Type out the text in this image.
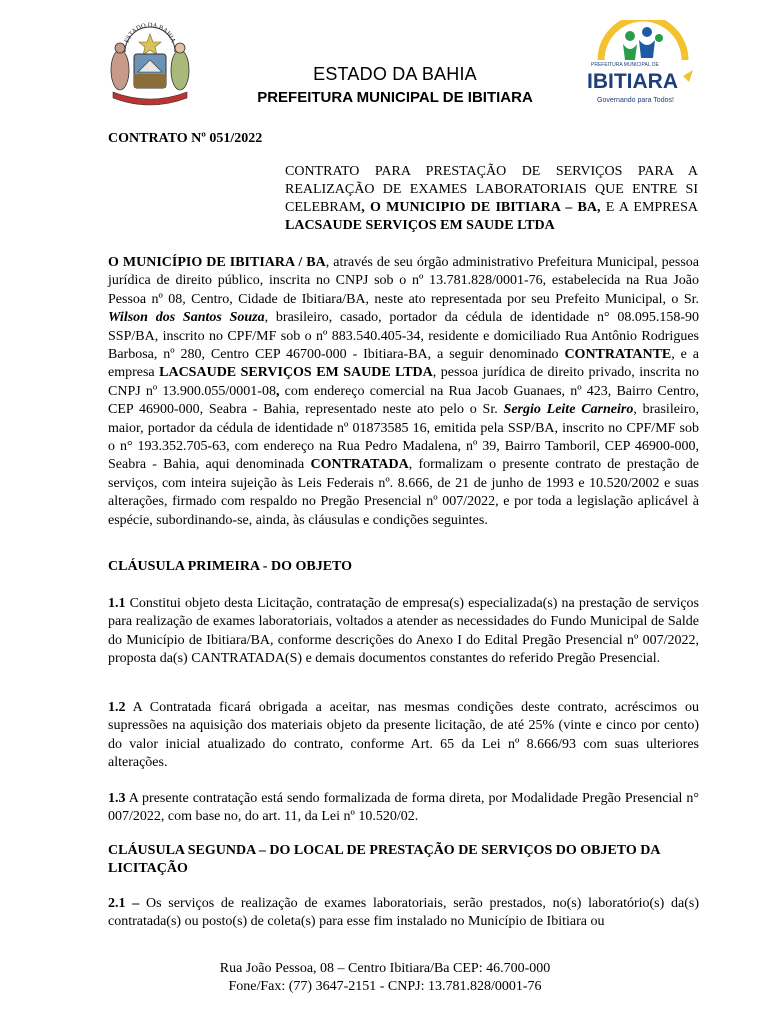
ESTADO DA BAHIA
PREFEITURA MUNICIPAL DE
IBITIARA
Governando para Todos!
ESTADO DA BAHIA
PREFEITURA MUNICIPAL DE IBITIARA
CONTRATO Nº 051/2022

CONTRATO PARA PRESTAÇÃO DE SERVIÇOS PARA A REALIZAÇÃO DE EXAMES LABORATORIAIS QUE ENTRE SI CELEBRAM, O MUNICIPIO DE IBITIARA – BA, E A EMPRESA LACSAUDE SERVIÇOS EM SAUDE LTDA

O MUNICÍPIO DE IBITIARA / BA, através de seu órgão administrativo Prefeitura Municipal, pessoa jurídica de direito público, inscrita no CNPJ sob o nº 13.781.828/0001-76, estabelecida na Rua João Pessoa nº 08, Centro, Cidade de Ibitiara/BA, neste ato representada por seu Prefeito Municipal, o Sr. Wilson dos Santos Souza, brasileiro, casado, portador da cédula de identidade n° 08.095.158-90 SSP/BA, inscrito no CPF/MF sob o nº 883.540.405-34, residente e domiciliado Rua Antônio Rodrigues Barbosa, nº 280, Centro CEP 46700-000 - Ibitiara-BA, a seguir denominado CONTRATANTE, e a empresa LACSAUDE SERVIÇOS EM SAUDE LTDA, pessoa jurídica de direito privado, inscrita no CNPJ nº 13.900.055/0001-08, com endereço comercial na Rua Jacob Guanaes, nº 423, Bairro Centro, CEP 46900-000, Seabra - Bahia, representado neste ato pelo o Sr. Sergio Leite Carneiro, brasileiro, maior, portador da cédula de identidade nº 01873585 16, emitida pela SSP/BA, inscrito no CPF/MF sob o n° 193.352.705-63, com endereço na Rua Pedro Madalena, nº 39, Bairro Tamboril, CEP 46900-000, Seabra - Bahia, aqui denominada CONTRATADA, formalizam o presente contrato de prestação de serviços, com inteira sujeição às Leis Federais nº. 8.666, de 21 de junho de 1993 e 10.520/2002 e suas alterações, firmado com respaldo no Pregão Presencial nº 007/2022, e por toda a legislação aplicável à espécie, subordinando-se, ainda, às cláusulas e condições seguintes.

CLÁUSULA PRIMEIRA - DO OBJETO

1.1 Constitui objeto desta Licitação, contratação de empresa(s) especializada(s) na prestação de serviços para realização de exames laboratoriais, voltados a atender as necessidades do Fundo Municipal de Salde do Município de Ibitiara/BA, conforme descrições do Anexo I do Edital Pregão Presencial nº 007/2022, proposta da(s) CANTRATADA(S) e demais documentos constantes do referido Pregão Presencial.

1.2 A Contratada ficará obrigada a aceitar, nas mesmas condições deste contrato, acréscimos ou supressões na aquisição dos materiais objeto da presente licitação, de até 25% (vinte e cinco por cento) do valor inicial atualizado do contrato, conforme Art. 65 da Lei nº 8.666/93 com suas ulteriores alterações.

1.3 A presente contratação está sendo formalizada de forma direta, por Modalidade Pregão Presencial n° 007/2022, com base no, do art. 11, da Lei nº 10.520/02.

CLÁUSULA SEGUNDA – DO LOCAL DE PRESTAÇÃO DE SERVIÇOS DO OBJETO DA LICITAÇÃO

2.1 – Os serviços de realização de exames laboratoriais, serão prestados, no(s) laboratório(s) da(s) contratada(s) ou posto(s) de coleta(s) para esse fim instalado no Município de Ibitiara ou

Rua João Pessoa, 08 – Centro Ibitiara/Ba CEP: 46.700-000
Fone/Fax: (77) 3647-2151 - CNPJ: 13.781.828/0001-76
